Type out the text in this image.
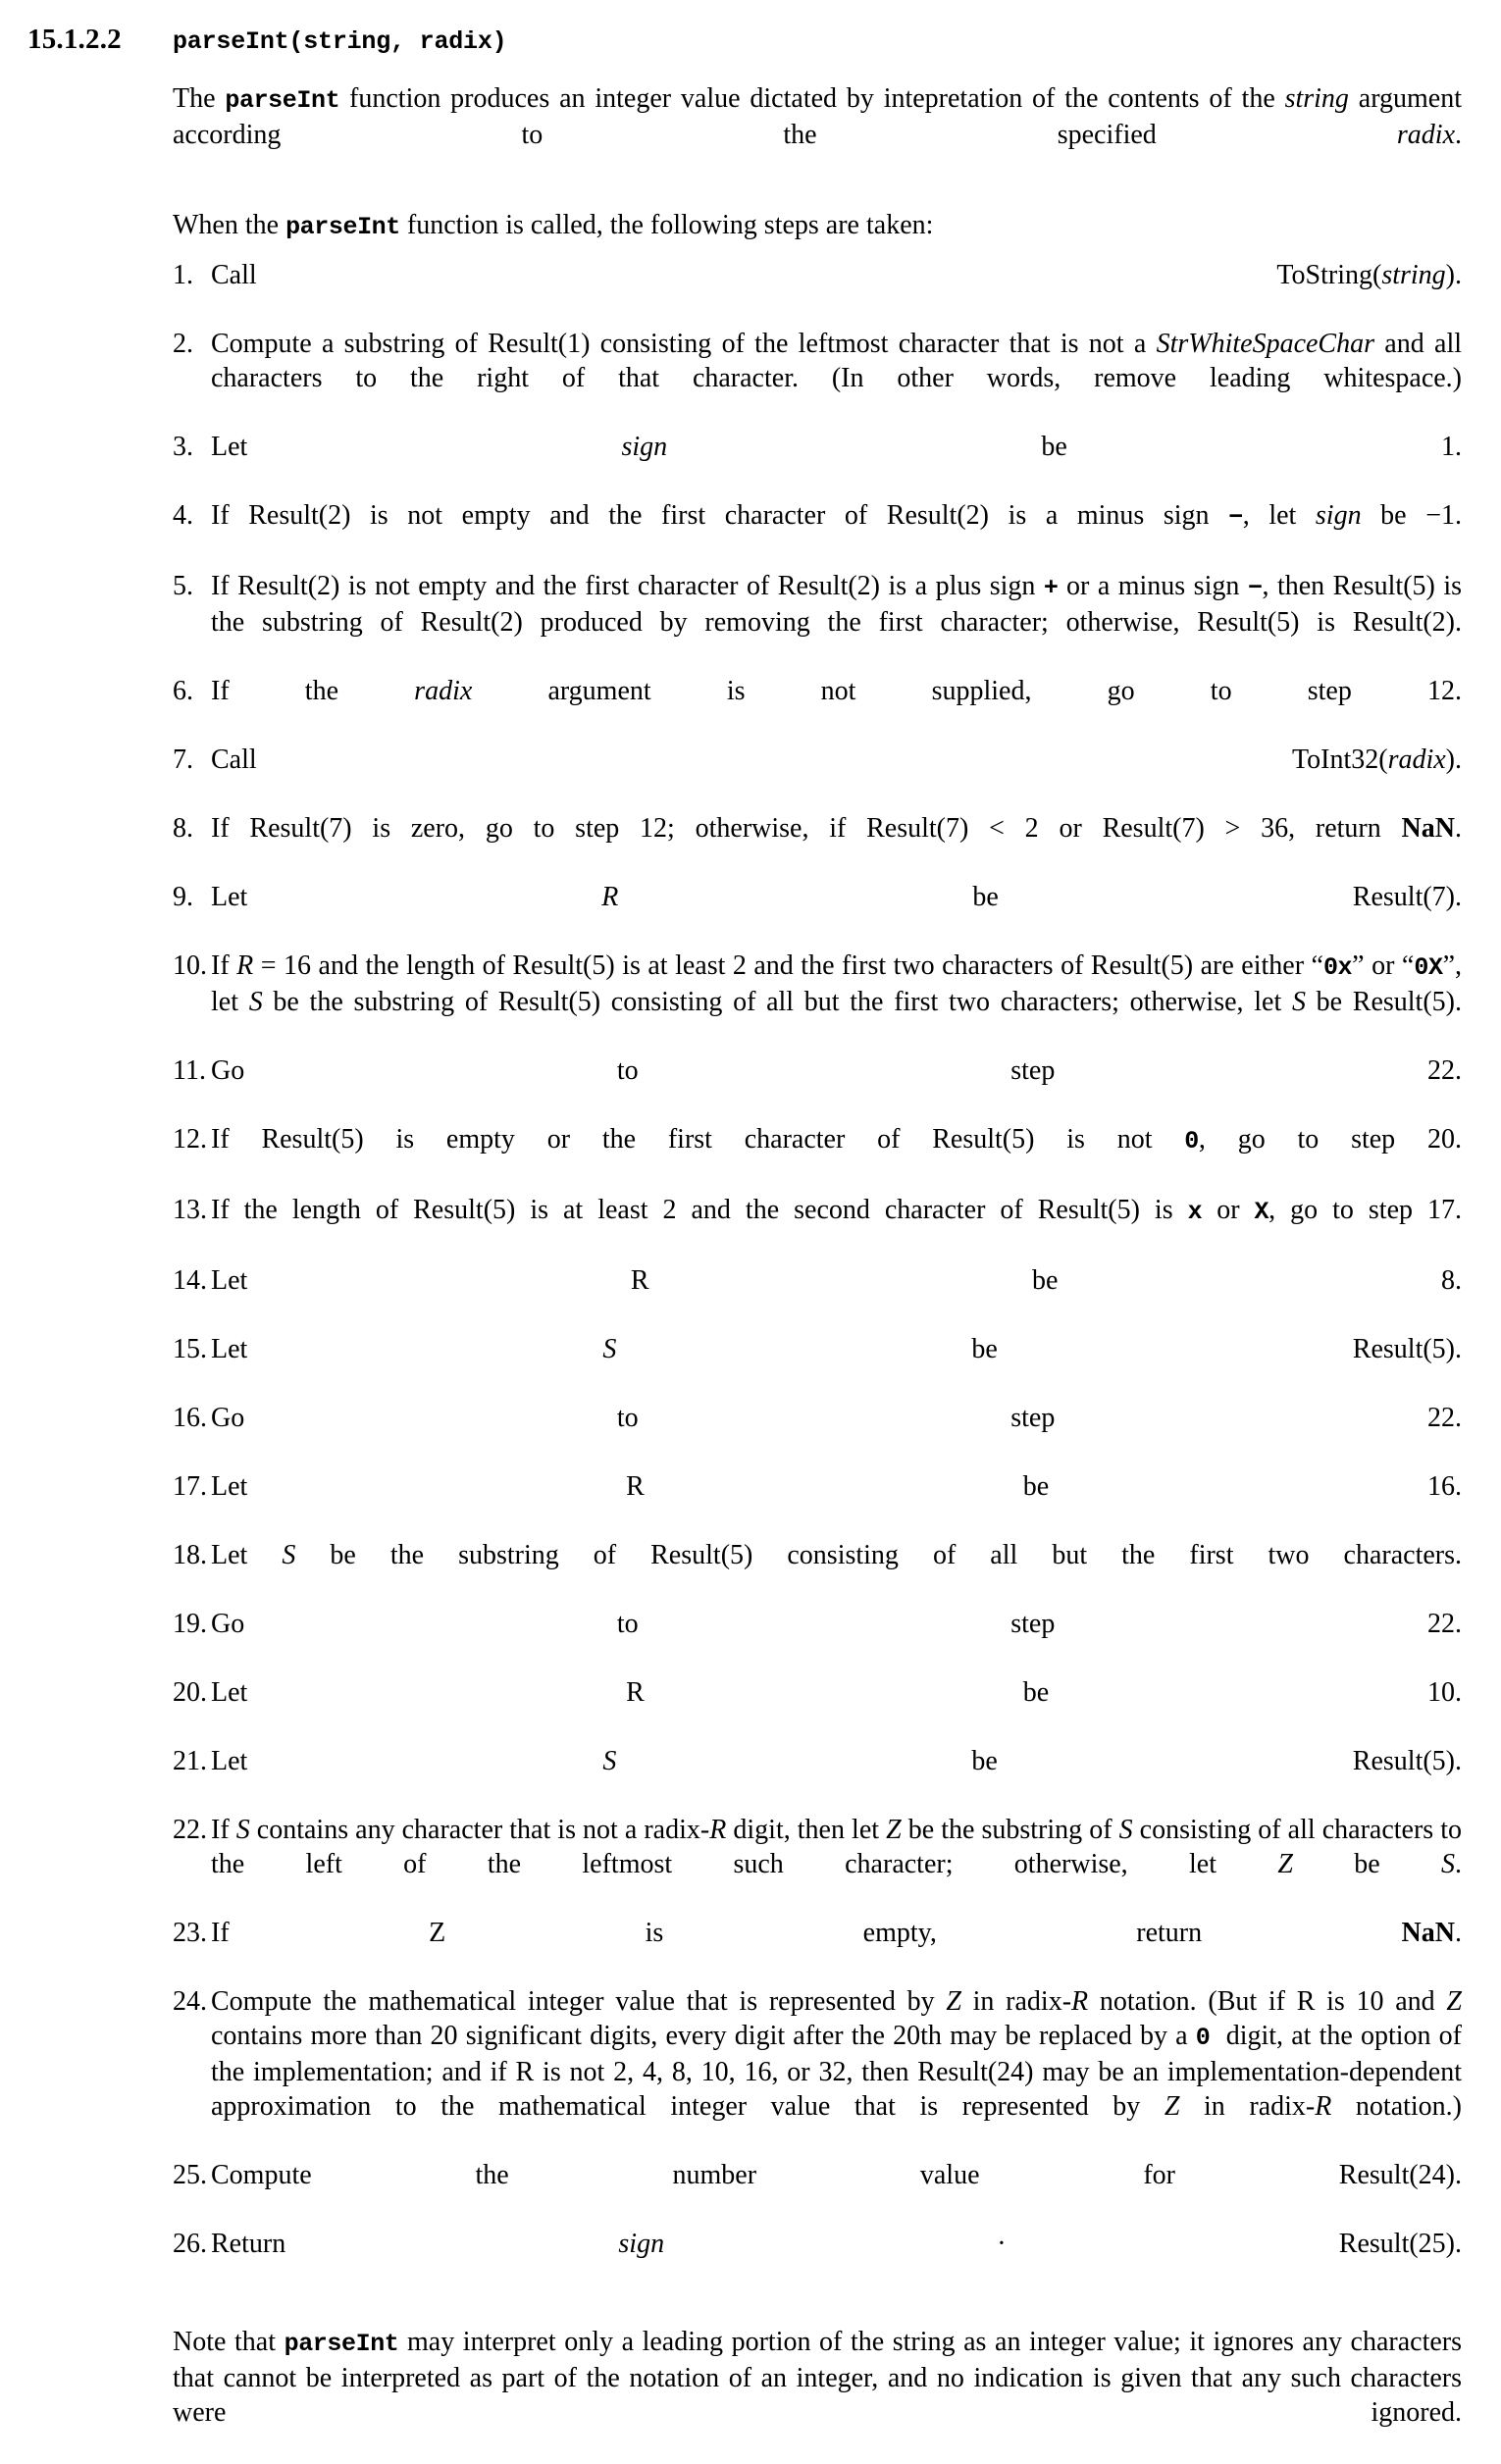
15.1.2.2	parseInt(string, radix)

The parseInt function produces an integer value dictated by intepretation of the contents of the string argument according to the specified radix.

When the parseInt function is called, the following steps are taken:

1. Call ToString(string).
2. Compute a substring of Result(1) consisting of the leftmost character that is not a StrWhiteSpaceChar and all characters to the right of that character. (In other words, remove leading whitespace.)
3. Let sign be 1.
4. If Result(2) is not empty and the first character of Result(2) is a minus sign −, let sign be −1.
5. If Result(2) is not empty and the first character of Result(2) is a plus sign + or a minus sign −, then Result(5) is the substring of Result(2) produced by removing the first character; otherwise, Result(5) is Result(2).
6. If the radix argument is not supplied, go to step 12.
7. Call ToInt32(radix).
8. If Result(7) is zero, go to step 12; otherwise, if Result(7) < 2 or Result(7) > 36, return NaN.
9. Let R be Result(7).
10. If R = 16 and the length of Result(5) is at least 2 and the first two characters of Result(5) are either “0x” or “0X”, let S be the substring of Result(5) consisting of all but the first two characters; otherwise, let S be Result(5).
11. Go to step 22.
12. If Result(5) is empty or the first character of Result(5) is not 0, go to step 20.
13. If the length of Result(5) is at least 2 and the second character of Result(5) is x or X, go to step 17.
14. Let R be 8.
15. Let S be Result(5).
16. Go to step 22.
17. Let R be 16.
18. Let S be the substring of Result(5) consisting of all but the first two characters.
19. Go to step 22.
20. Let R be 10.
21. Let S be Result(5).
22. If S contains any character that is not a radix-R digit, then let Z be the substring of S consisting of all characters to the left of the leftmost such character; otherwise, let Z be S.
23. If Z is empty, return NaN.
24. Compute the mathematical integer value that is represented by Z in radix-R notation. (But if R is 10 and Z contains more than 20 significant digits, every digit after the 20th may be replaced by a 0  digit, at the option of the implementation; and if R is not 2, 4, 8, 10, 16, or 32, then Result(24) may be an implementation-dependent approximation to the mathematical integer value that is represented by Z in radix-R notation.)
25. Compute the number value for Result(24).
26. Return sign · Result(25).

Note that parseInt may interpret only a leading portion of the string as an integer value; it ignores any characters that cannot be interpreted as part of the notation of an integer, and no indication is given that any such characters were ignored.
